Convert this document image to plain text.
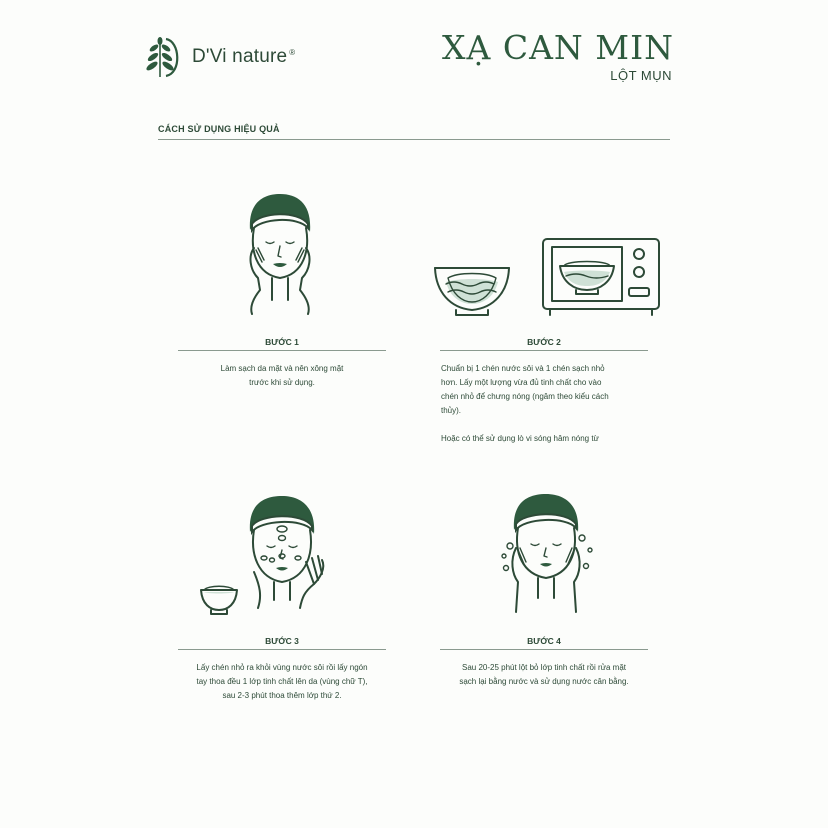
D'Vi nature ®	XẠ CAN MIN
LỘT MỤN
CÁCH SỬ DỤNG HIỆU QUẢ
BƯỚC 1

Làm sạch da mặt và nên xông mặt

trước khi sử dụng.

BƯỚC 2

Chuẩn bị 1 chén nước sôi và 1 chén sạch nhỏ

hơn. Lấy một lượng vừa đủ tinh chất cho vào

chén nhỏ để chưng nóng (ngâm theo kiểu cách

thủy).

Hoặc có thể sử dụng lò vi sóng hâm nóng từ

BƯỚC 3

Lấy chén nhỏ ra khỏi vùng nước sôi rồi lấy ngón

tay thoa đều 1 lớp tinh chất lên da (vùng chữ T),

sau 2-3 phút thoa thêm lớp thứ 2.

BƯỚC 4

Sau 20-25 phút lột bỏ lớp tinh chất rồi rửa mặt

sạch lại bằng nước và sử dụng nước cân bằng.
